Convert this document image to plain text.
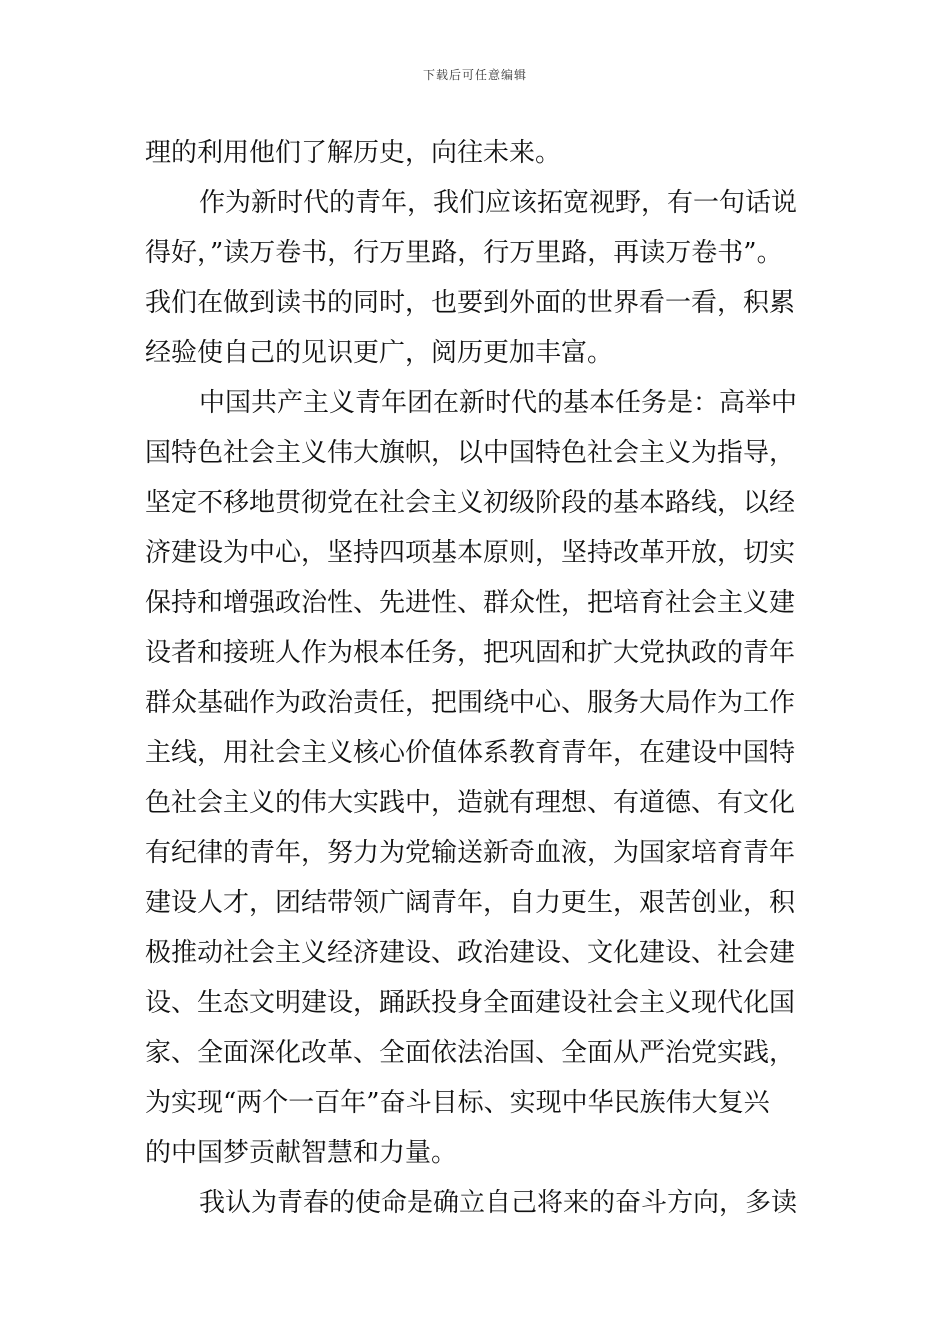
下载后可任意编辑
理的利用他们了解历史，向往未来。
作为新时代的青年，我们应该拓宽视野，有一句话说
得好，”读万卷书，行万里路，行万里路，再读万卷书”。
我们在做到读书的同时，也要到外面的世界看一看，积累
经验使自己的见识更广，阅历更加丰富。
中国共产主义青年团在新时代的基本任务是：高举中
国特色社会主义伟大旗帜，以中国特色社会主义为指导，
坚定不移地贯彻党在社会主义初级阶段的基本路线，以经
济建设为中心，坚持四项基本原则，坚持改革开放，切实
保持和增强政治性、先进性、群众性，把培育社会主义建
设者和接班人作为根本任务，把巩固和扩大党执政的青年
群众基础作为政治责任，把围绕中心、服务大局作为工作
主线，用社会主义核心价值体系教育青年，在建设中国特
色社会主义的伟大实践中，造就有理想、有道德、有文化
有纪律的青年，努力为党输送新奇血液，为国家培育青年
建设人才，团结带领广阔青年，自力更生，艰苦创业，积
极推动社会主义经济建设、政治建设、文化建设、社会建
设、生态文明建设，踊跃投身全面建设社会主义现代化国
家、全面深化改革、全面依法治国、全面从严治党实践，
为实现“两个一百年”奋斗目标、实现中华民族伟大复兴
的中国梦贡献智慧和力量。
我认为青春的使命是确立自己将来的奋斗方向，多读
